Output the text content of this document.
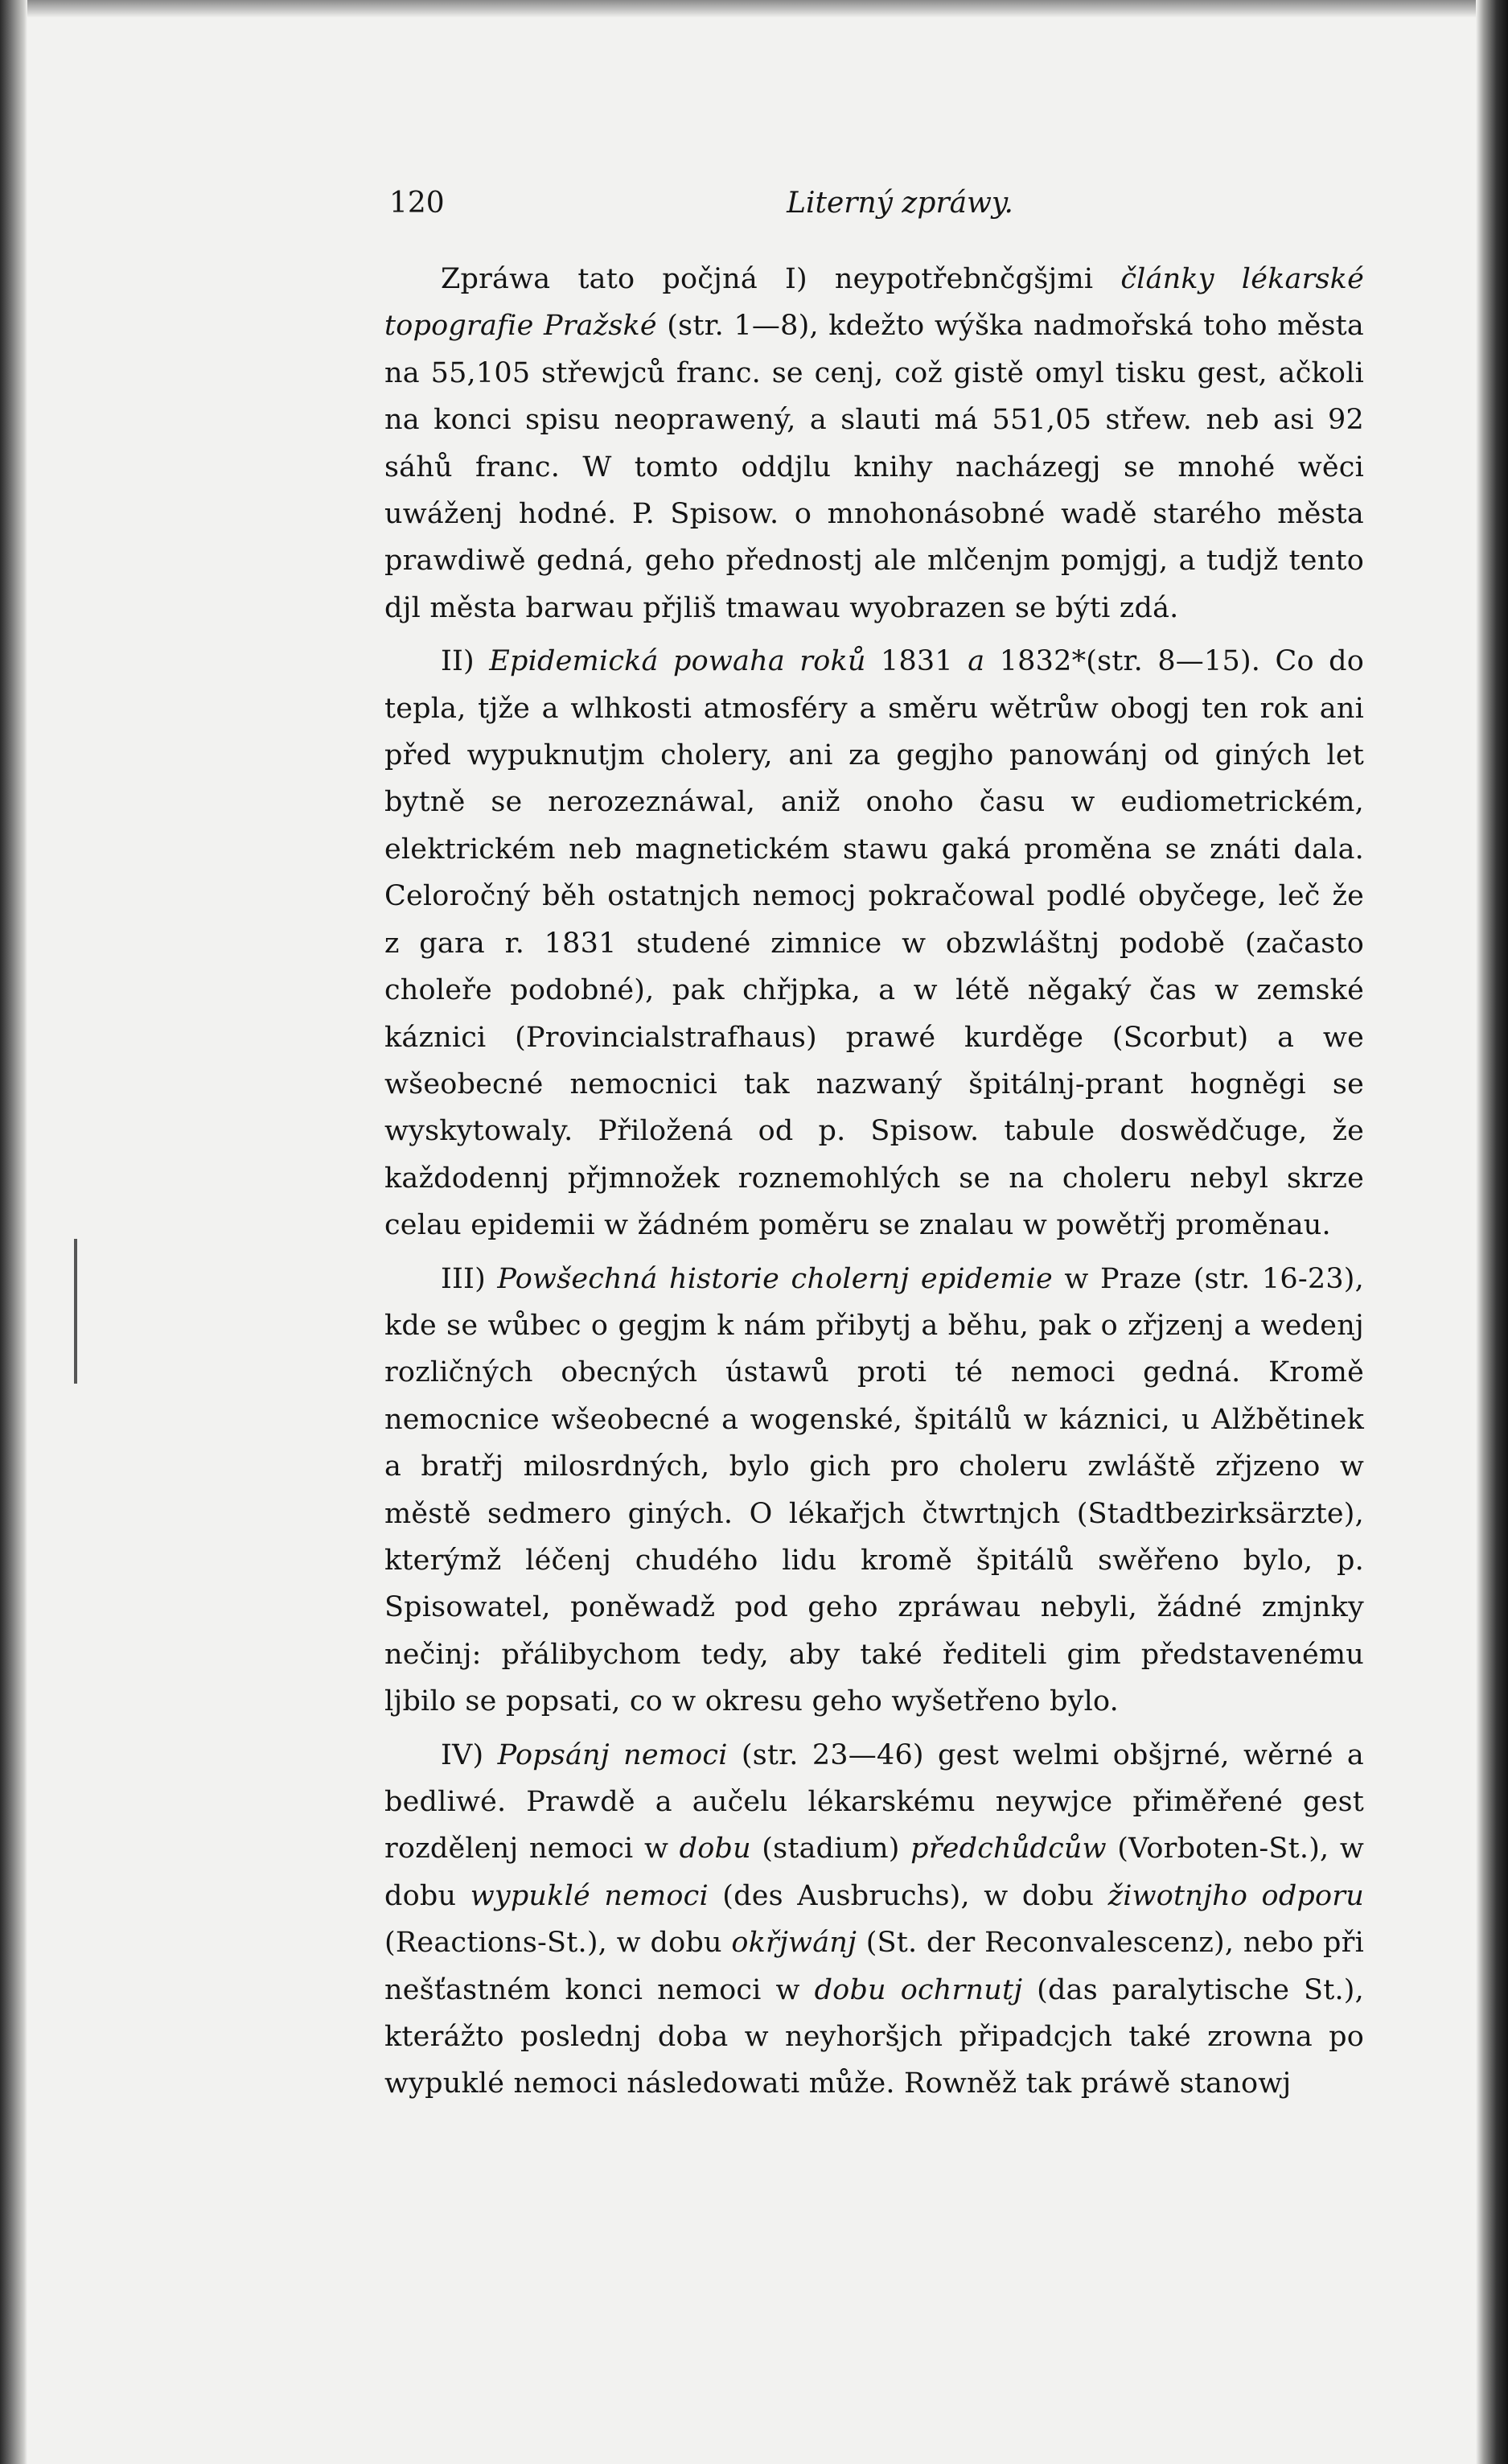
120	Literný zpráwy.

Zpráwa tato počjná I) neypotřebnčgšjmi články lékarské topografie Pražské (str. 1—8), kdežto wýška nadmořská toho města na 55,105 střewjců franc. se cenj, což gistě omyl tisku gest, ačkoli na konci spisu neoprawený, a slauti má 551,05 střew. neb asi 92 sáhů franc. W tomto oddjlu knihy nacházegj se mnohé wěci uwáženj hodné. P. Spisow. o mnohonásobné wadě starého města prawdiwě gedná, geho přednostj ale mlčenjm pomjgj, a tudjž tento djl města barwau přjliš tmawau wyobrazen se býti zdá.

II) Epidemická powaha roků 1831 a 1832*(str. 8—15). Co do tepla, tjže a wlhkosti atmosféry a směru wětrůw obogj ten rok ani před wypuknutjm cholery, ani za gegjho panowánj od giných let bytně se nerozeznáwal, aniž onoho času w eudiometrickém, elektrickém neb magnetickém stawu gaká proměna se znáti dala. Celoročný běh ostatnjch nemocj pokračowal podlé obyčege, leč že z gara r. 1831 studené zimnice w obzwláštnj podobě (začasto choleře podobné), pak chřjpka, a w létě něgaký čas w zemské káznici (Provincialstrafhaus) prawé kurděge (Scorbut) a we wšeobecné nemocnici tak nazwaný špitálnj-prant hogněgi se wyskytowaly. Přiložená od p. Spisow. tabule doswědčuge, že každodennj přjmnožek roznemohlých se na choleru nebyl skrze celau epidemii w žádném poměru se znalau w powětřj proměnau.

III) Powšechná historie cholernj epidemie w Praze (str. 16-23), kde se wůbec o gegjm k nám přibytj a běhu, pak o zřjzenj a wedenj rozličných obecných ústawů proti té nemoci gedná. Kromě nemocnice wšeobecné a wogenské, špitálů w káznici, u Alžbětinek a bratřj milosrdných, bylo gich pro choleru zwláště zřjzeno w městě sedmero giných. O lékařjch čtwrtnjch (Stadtbezirksärzte), kterýmž léčenj chudého lidu kromě špitálů swěřeno bylo, p. Spisowatel, poněwadž pod geho zpráwau nebyli, žádné zmjnky nečinj: přálibychom tedy, aby také řediteli gim představenému ljbilo se popsati, co w okresu geho wyšetřeno bylo.

IV) Popsánj nemoci (str. 23—46) gest welmi obšjrné, wěrné a bedliwé. Prawdě a aučelu lékarskému neywjce přiměřené gest rozdělenj nemoci w dobu (stadium) předchůdcůw (Vorboten-St.), w dobu wypuklé nemoci (des Ausbruchs), w dobu žiwotnjho odporu (Reactions-St.), w dobu okřjwánj (St. der Reconvalescenz), nebo při nešťastném konci nemoci w dobu ochrnutj (das paralytische St.), kterážto poslednj doba w neyhoršjch připadcjch také zrowna po wypuklé nemoci následowati může. Rowněž tak práwě stanowj
